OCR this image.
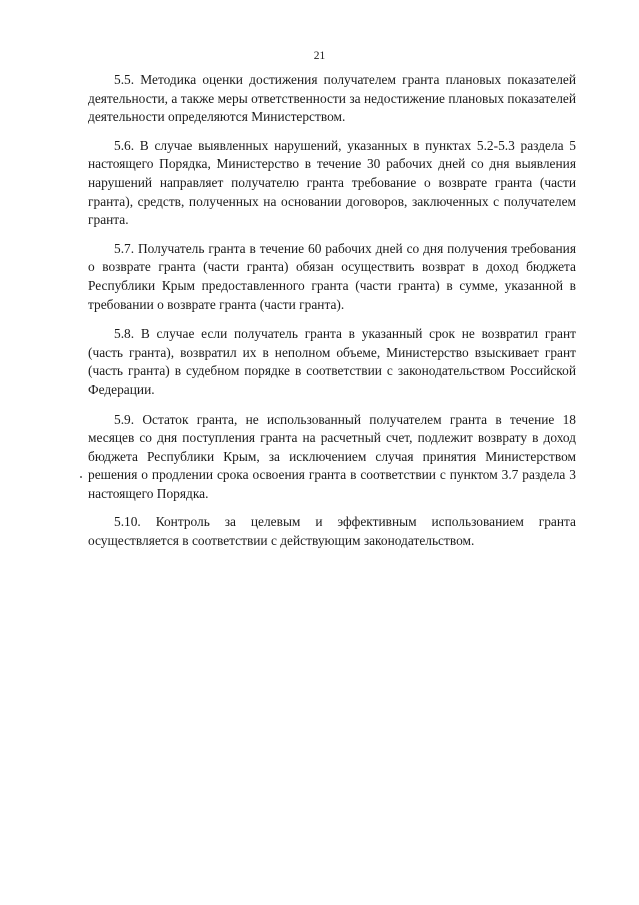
21

5.5. Методика оценки достижения получателем гранта плановых показателей деятельности, а также меры ответственности за недостижение плановых показателей деятельности определяются Министерством.

5.6. В случае выявленных нарушений, указанных в пунктах 5.2-5.3 раздела 5 настоящего Порядка, Министерство в течение 30 рабочих дней со дня выявления нарушений направляет получателю гранта требование о возврате гранта (части гранта), средств, полученных на основании договоров, заключенных с получателем гранта.

5.7. Получатель гранта в течение 60 рабочих дней со дня получения требования о возврате гранта (части гранта) обязан осуществить возврат в доход бюджета Республики Крым предоставленного гранта (части гранта) в сумме, указанной в требовании о возврате гранта (части гранта).

5.8. В случае если получатель гранта в указанный срок не возвратил грант (часть гранта), возвратил их в неполном объеме, Министерство взыскивает грант (часть гранта) в судебном порядке в соответствии с законодательством Российской Федерации.

5.9. Остаток гранта, не использованный получателем гранта в течение 18 месяцев со дня поступления гранта на расчетный счет, подлежит возврату в доход бюджета Республики Крым, за исключением случая принятия Министерством решения о продлении срока освоения гранта в соответствии с пунктом 3.7 раздела 3 настоящего Порядка.

5.10. Контроль за целевым и эффективным использованием гранта осуществляется в соответствии с действующим законодательством.
